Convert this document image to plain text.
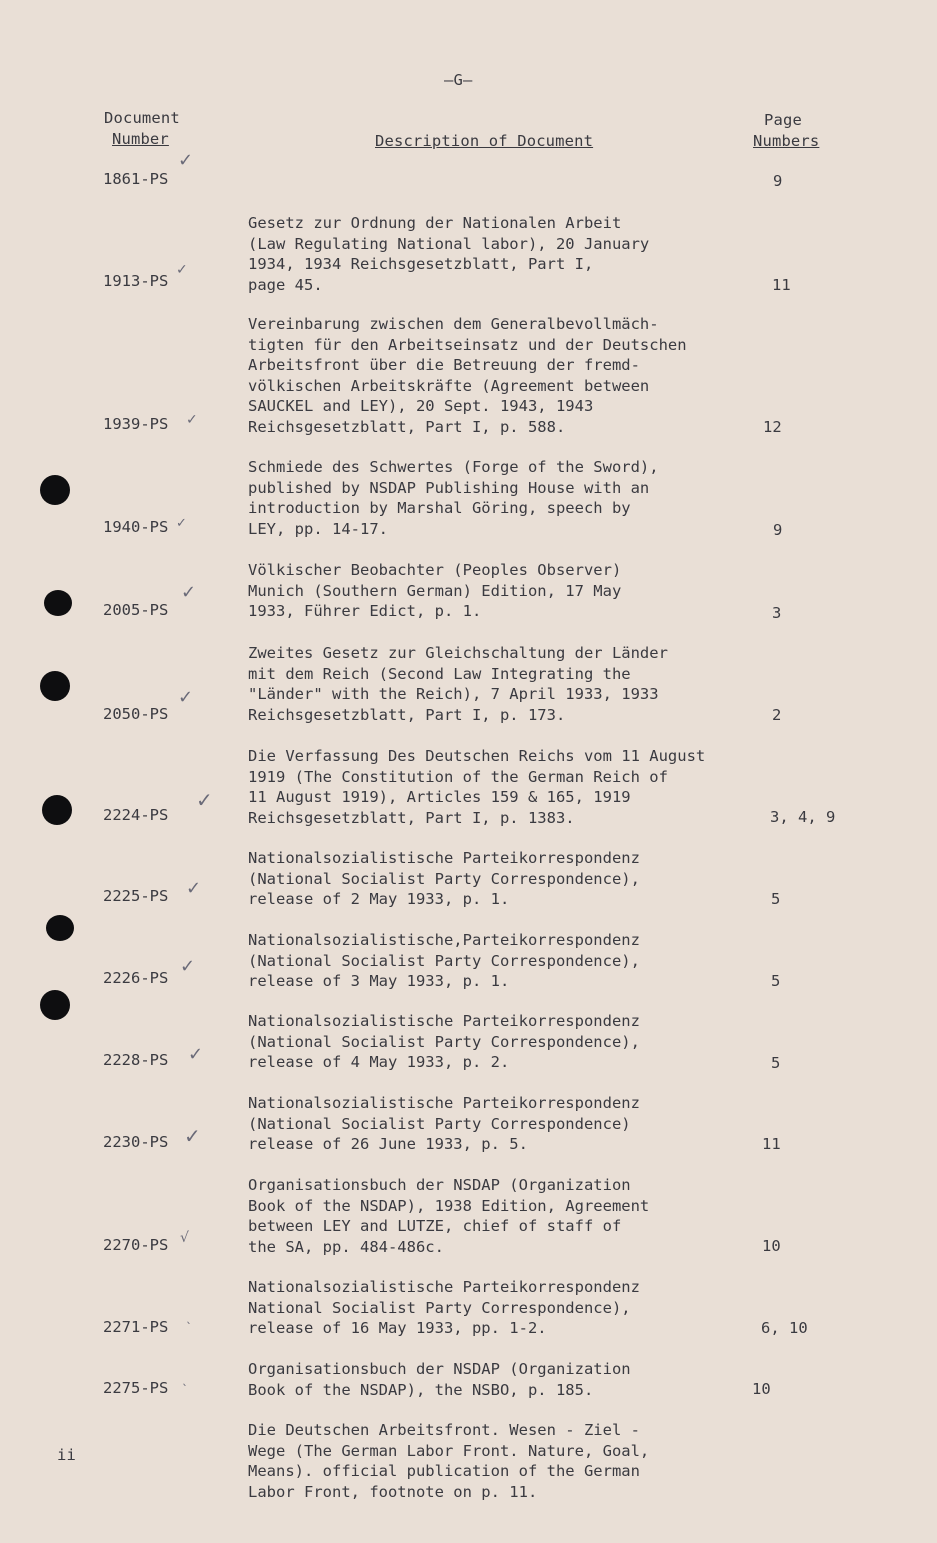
—G—
Document
Number	Description of Document
Page
Numbers
1861-PS
✓

Gesetz zur Ordnung der Nationalen Arbeit
(Law Regulating National labor), 20 January
1934, 1934 Reichsgesetzblatt, Part I,
page 45.

9
1913-PS
✓

Vereinbarung zwischen dem Generalbevollmäch-
tigten für den Arbeitseinsatz und der Deutschen
Arbeitsfront über die Betreuung der fremd-
völkischen Arbeitskräfte (Agreement between
SAUCKEL and LEY), 20 Sept. 1943, 1943
Reichsgesetzblatt, Part I, p. 588.

11
1939-PS ✓

Schmiede des Schwertes (Forge of the Sword),
published by NSDAP Publishing House with an
introduction by Marshal Göring, speech by
LEY, pp. 14-17.

12
1940-PS ✓

Völkischer Beobachter (Peoples Observer)
Munich (Southern German) Edition, 17 May
1933, Führer Edict, p. 1.

9
2005-PS
✓

Zweites Gesetz zur Gleichschaltung der Länder
mit dem Reich (Second Law Integrating the
"Länder" with the Reich), 7 April 1933, 1933
Reichsgesetzblatt, Part I, p. 173.

3
2050-PS
✓

Die Verfassung Des Deutschen Reichs vom 11 August
1919 (The Constitution of the German Reich of
11 August 1919), Articles 159 & 165, 1919
Reichsgesetzblatt, Part I, p. 1383.

2
2224-PS
✓

Nationalsozialistische Parteikorrespondenz
(National Socialist Party Correspondence),
release of 2 May 1933, p. 1.

3, 4, 9
2225-PS ✓

Nationalsozialistische,Parteikorrespondenz
(National Socialist Party Correspondence),
release of 3 May 1933, p. 1.

5
2226-PS
✓

Nationalsozialistische Parteikorrespondenz
(National Socialist Party Correspondence),
release of 4 May 1933, p. 2.

5
2228-PS ✓

Nationalsozialistische Parteikorrespondenz
(National Socialist Party Correspondence)
release of 26 June 1933, p. 5.

5
2230-PS ✓

Organisationsbuch der NSDAP (Organization
Book of the NSDAP), 1938 Edition, Agreement
between LEY and LUTZE, chief of staff of
the SA, pp. 484-486c.

11
2270-PS √

Nationalsozialistische Parteikorrespondenz
National Socialist Party Correspondence),
release of 16 May 1933, pp. 1-2.

10
2271-PS
ˎ

Organisationsbuch der NSDAP (Organization
Book of the NSDAP), the NSBO, p. 185.

6, 10
2275-PS ˎ

Die Deutschen Arbeitsfront. Wesen - Ziel -
Wege (The German Labor Front. Nature, Goal,
Means). official publication of the German
Labor Front, footnote on p. 11.

10
ii
